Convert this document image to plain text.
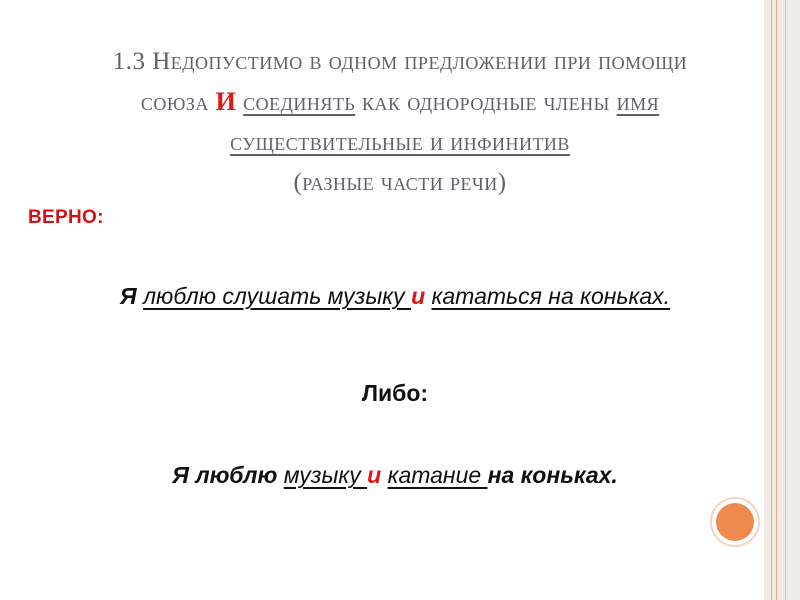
1.3 Недопустимо в одном предложении при помощи
союза И соединять как однородные члены имя
существительные и инфинитив
(разные части речи)
ВЕРНО:
Я люблю слушать музыку и кататься на коньках.
Либо:
Я люблю музыку и катание на коньках.
